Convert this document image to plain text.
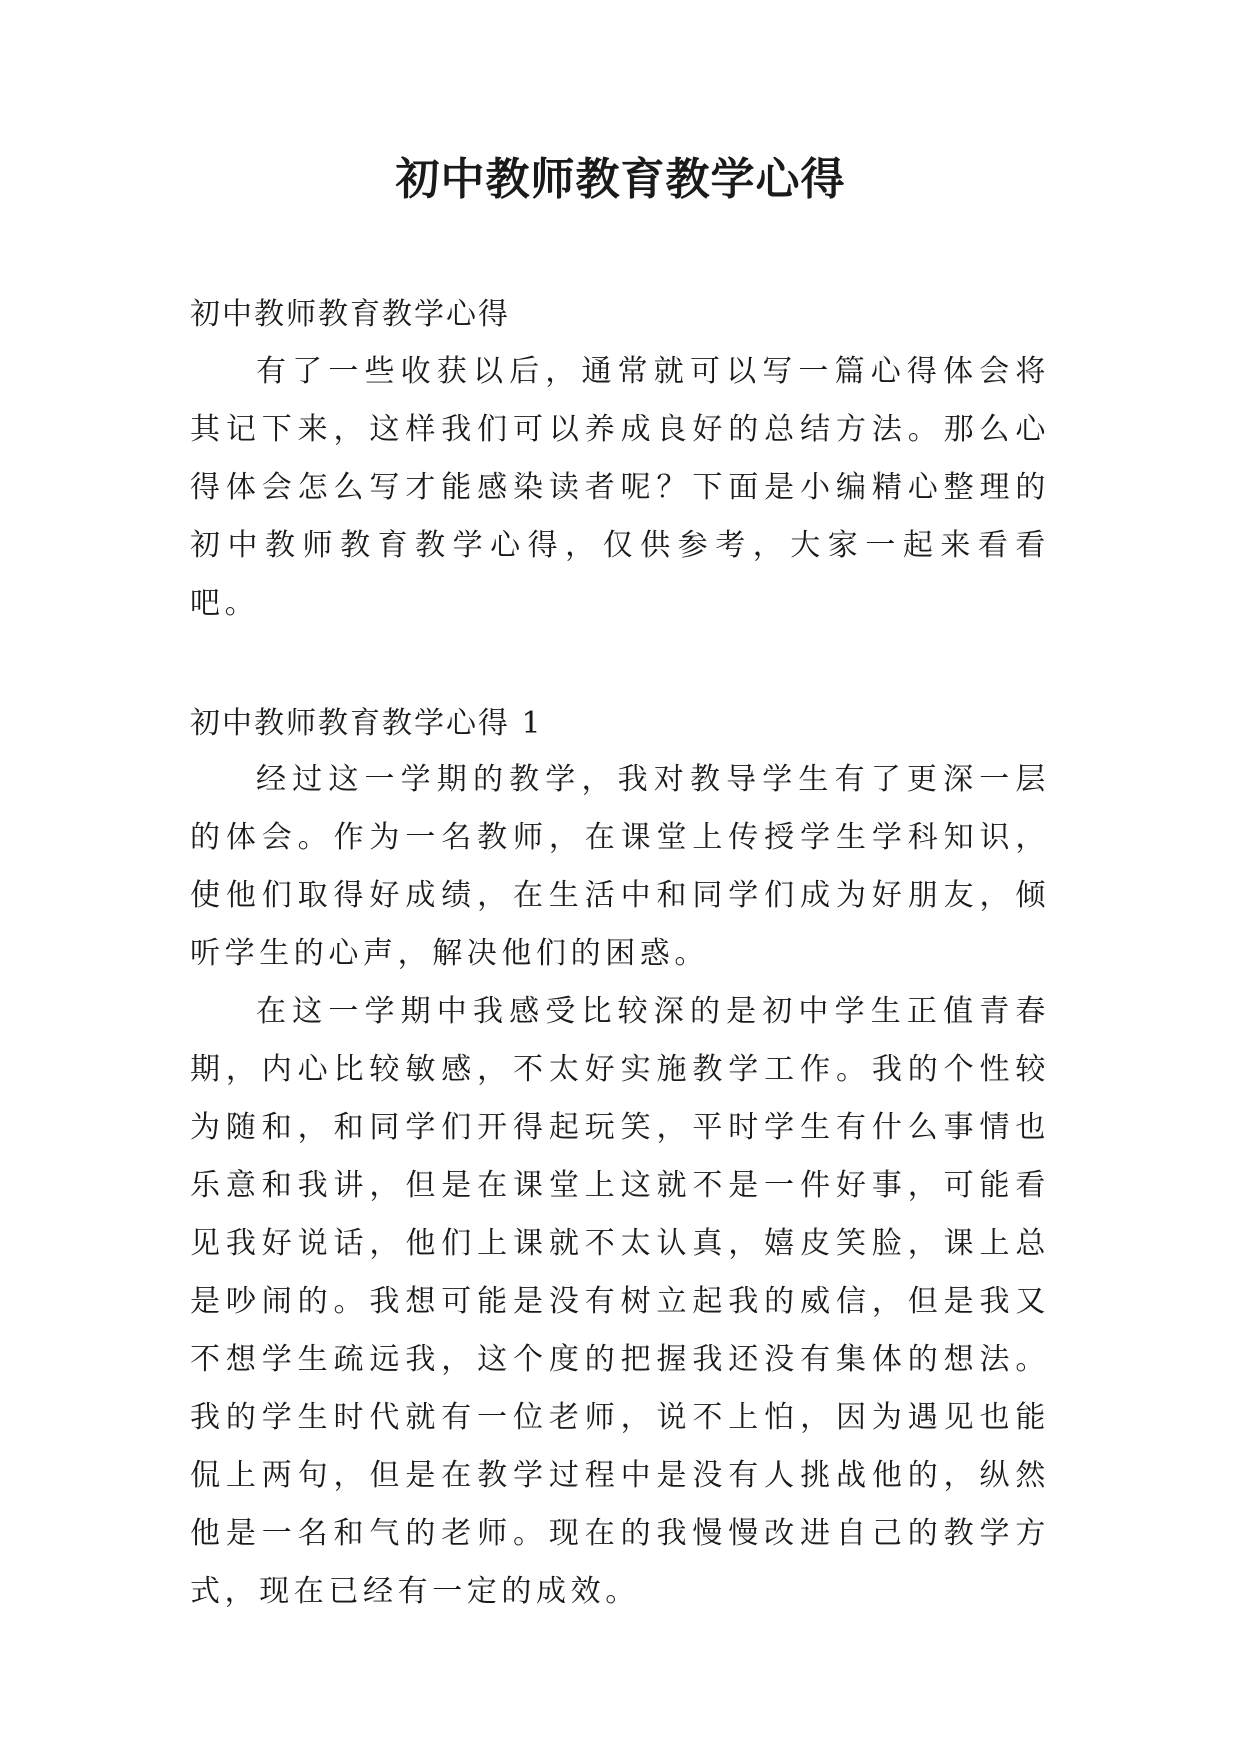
初中教师教育教学心得
初中教师教育教学心得

有了一些收获以后，通常就可以写一篇心得体会将其记下来，这样我们可以养成良好的总结方法。那么心得体会怎么写才能感染读者呢？下面是小编精心整理的初中教师教育教学心得，仅供参考，大家一起来看看吧。

初中教师教育教学心得 1

经过这一学期的教学，我对教导学生有了更深一层的体会。作为一名教师，在课堂上传授学生学科知识，使他们取得好成绩，在生活中和同学们成为好朋友，倾听学生的心声，解决他们的困惑。

在这一学期中我感受比较深的是初中学生正值青春期，内心比较敏感，不太好实施教学工作。我的个性较为随和，和同学们开得起玩笑，平时学生有什么事情也乐意和我讲，但是在课堂上这就不是一件好事，可能看见我好说话，他们上课就不太认真，嬉皮笑脸，课上总是吵闹的。我想可能是没有树立起我的威信，但是我又不想学生疏远我，这个度的把握我还没有集体的想法。我的学生时代就有一位老师，说不上怕，因为遇见也能侃上两句，但是在教学过程中是没有人挑战他的，纵然他是一名和气的老师。现在的我慢慢改进自己的教学方式，现在已经有一定的成效。
